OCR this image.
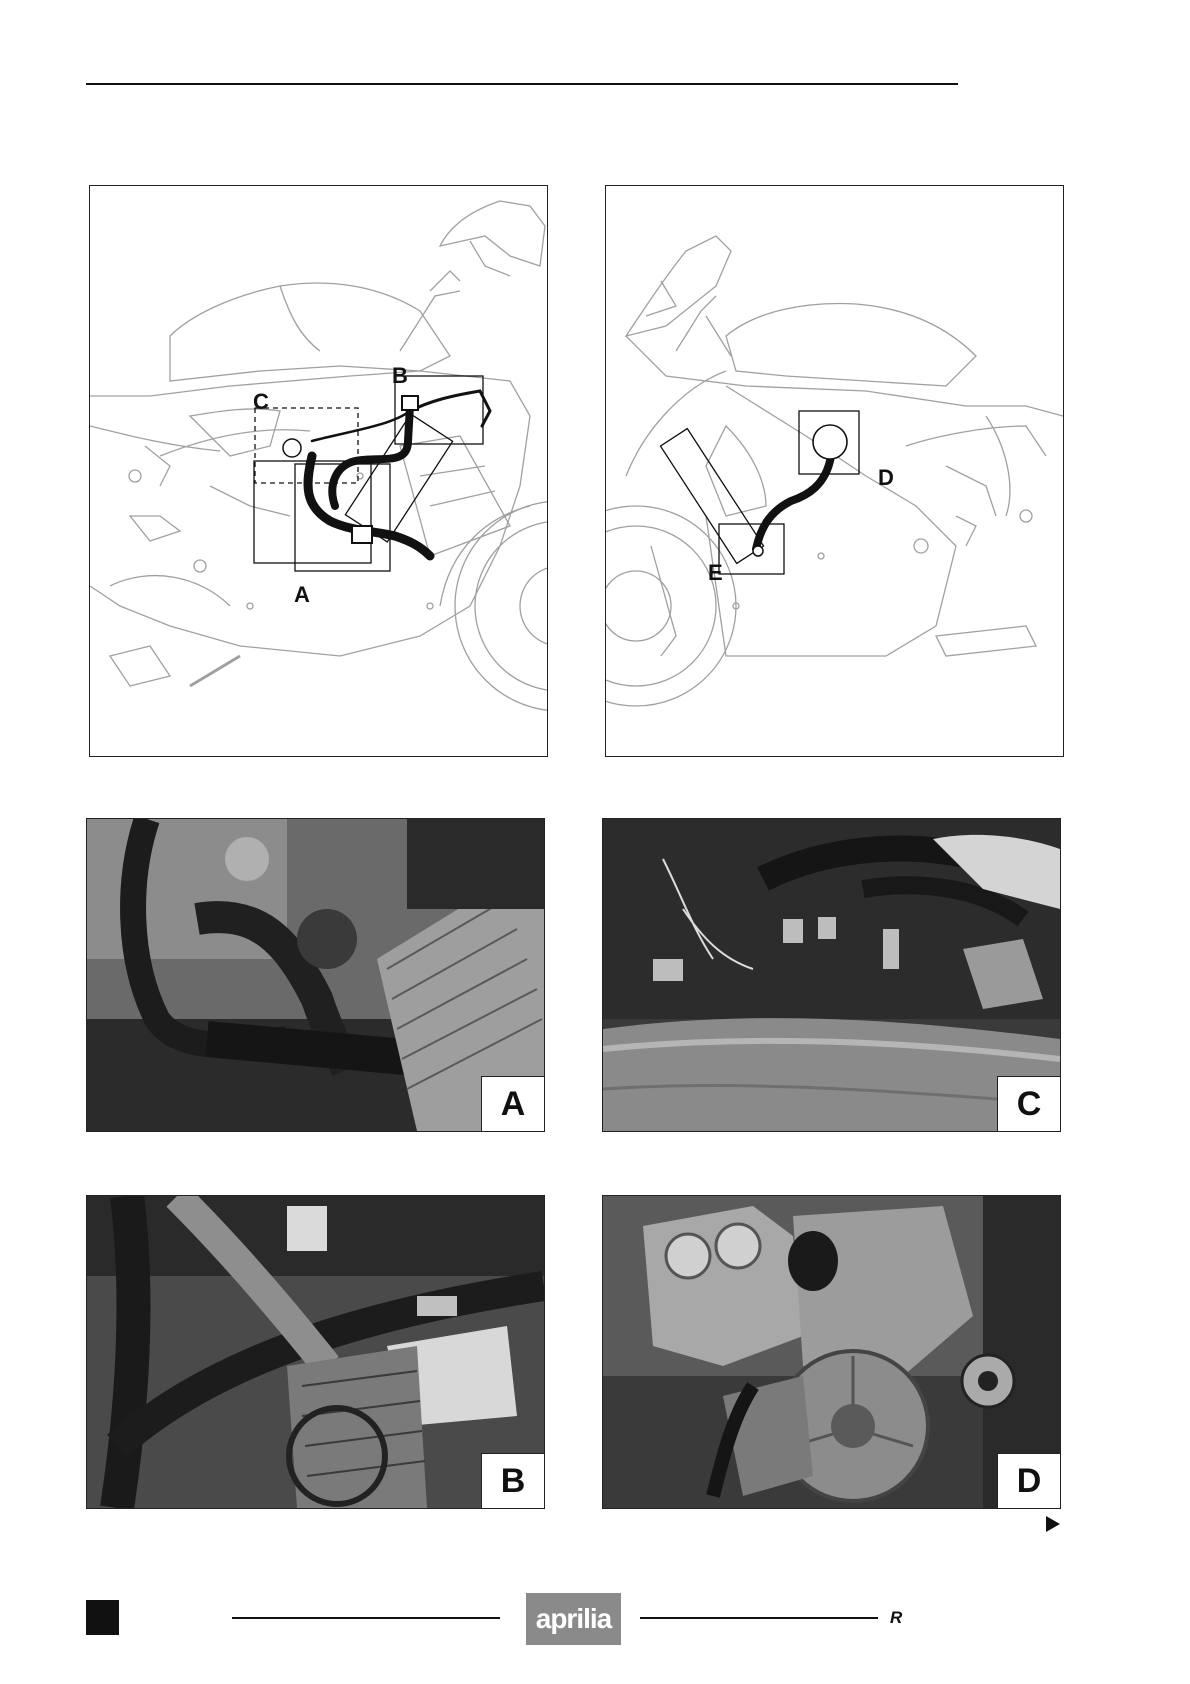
B
C
A
D
E
A	C
B	D
aprilia	R
